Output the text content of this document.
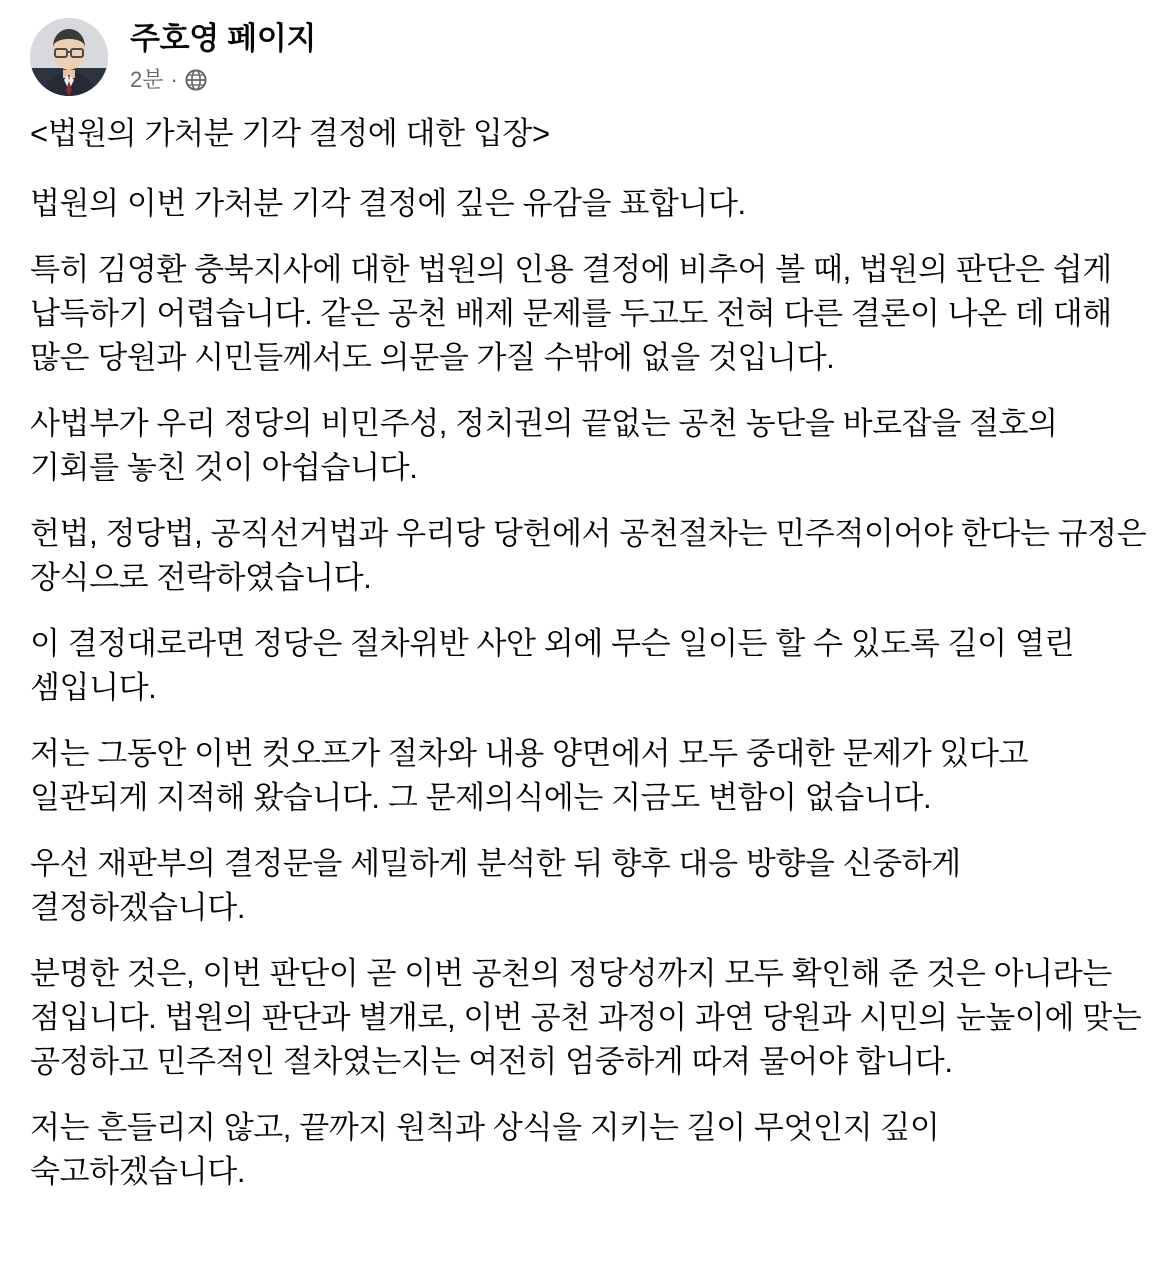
주호영 페이지
2분 ·

<법원의 가처분 기각 결정에 대한 입장>

법원의 이번 가처분 기각 결정에 깊은 유감을 표합니다.

특히 김영환 충북지사에 대한 법원의 인용 결정에 비추어 볼 때, 법원의 판단은 쉽게 납득하기 어렵습니다. 같은 공천 배제 문제를 두고도 전혀 다른 결론이 나온 데 대해 많은 당원과 시민들께서도 의문을 가질 수밖에 없을 것입니다.

사법부가 우리 정당의 비민주성, 정치권의 끝없는 공천 농단을 바로잡을 절호의 기회를 놓친 것이 아쉽습니다.

헌법, 정당법, 공직선거법과 우리당 당헌에서 공천절차는 민주적이어야 한다는 규정은 장식으로 전락하였습니다.

이 결정대로라면 정당은 절차위반 사안 외에 무슨 일이든 할 수 있도록 길이 열린 셈입니다.

저는 그동안 이번 컷오프가 절차와 내용 양면에서 모두 중대한 문제가 있다고 일관되게 지적해 왔습니다. 그 문제의식에는 지금도 변함이 없습니다.

우선 재판부의 결정문을 세밀하게 분석한 뒤 향후 대응 방향을 신중하게 결정하겠습니다.

분명한 것은, 이번 판단이 곧 이번 공천의 정당성까지 모두 확인해 준 것은 아니라는 점입니다. 법원의 판단과 별개로, 이번 공천 과정이 과연 당원과 시민의 눈높이에 맞는 공정하고 민주적인 절차였는지는 여전히 엄중하게 따져 물어야 합니다.

저는 흔들리지 않고, 끝까지 원칙과 상식을 지키는 길이 무엇인지 깊이 숙고하겠습니다.
